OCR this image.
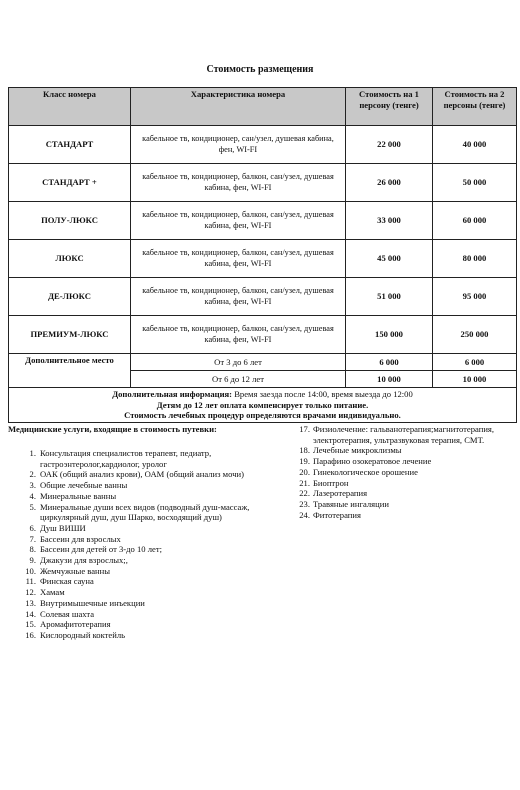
Стоимость размещения
Класс номера	Характеристика номера	Стоимость на 1 персону (тенге)	Стоимость на 2 персоны (тенге)
СТАНДАРТ	кабельное тв, кондиционер, сан/узел, душевая кабина, фен, WI-FI	22 000	40 000
СТАНДАРТ +	кабельное тв, кондиционер, балкон, сан/узел, душевая кабина, фен, WI-FI	26 000	50 000
ПОЛУ-ЛЮКС	кабельное тв, кондиционер, балкон, сан/узел, душевая кабина, фен, WI-FI	33 000	60 000
ЛЮКС	кабельное тв, кондиционер, балкон, сан/узел, душевая кабина, фен, WI-FI	45 000	80 000
ДЕ-ЛЮКС	кабельное тв, кондиционер, балкон, сан/узел, душевая кабина, фен, WI-FI	51 000	95 000
ПРЕМИУМ-ЛЮКС	кабельное тв, кондиционер, балкон, сан/узел, душевая кабина, фен, WI-FI	150 000	250 000
Дополнительное место	От 3 до 6 лет	6 000	6 000
	От 6 до 12 лет	10 000	10 000

Дополнительная информация: Время заезда после 14:00, время выезда до 12:00
Детям до 12 лет оплата компенсирует только питание.
Стоимость лечебных процедур определяются врачами индивидуально.			
Медицинские услуги, входящие в стоимость путевки:
1. Консультация специалистов терапевт, педиатр, гастроэнтеролог,кардиолог, уролог
2. ОАК (общий анализ крови), ОАМ (общий анализ мочи)
3. Общие лечебные ванны
4. Минеральные ванны
5. Минеральные души всех видов (подводный душ-массаж, циркулярный душ, душ Шарко, восходящий душ)
6. Душ ВИШИ
7. Бассеин для взрослых
8. Бассеин для детей от 3-до 10 лет;
9. Джакузи для взрослых;,
10. Жемчужные ванны
11. Финская сауна
12. Хамам
13. Внутримышечные инъекции
14. Солевая шахта
15. Аромафитотерапия
16. Кислородный коктейль
17. Физиолечение: гальванотерапия;магнитотерапия, электротерапия, ультразвуковая терапия, СМТ.
18. Лечебные микроклизмы
19. Парафино озокератовое лечение
20. Гинекологическое орошение
21. Биоптрон
22. Лазеротерапия
23. Травяные ингаляции
24. Фитотерапия
